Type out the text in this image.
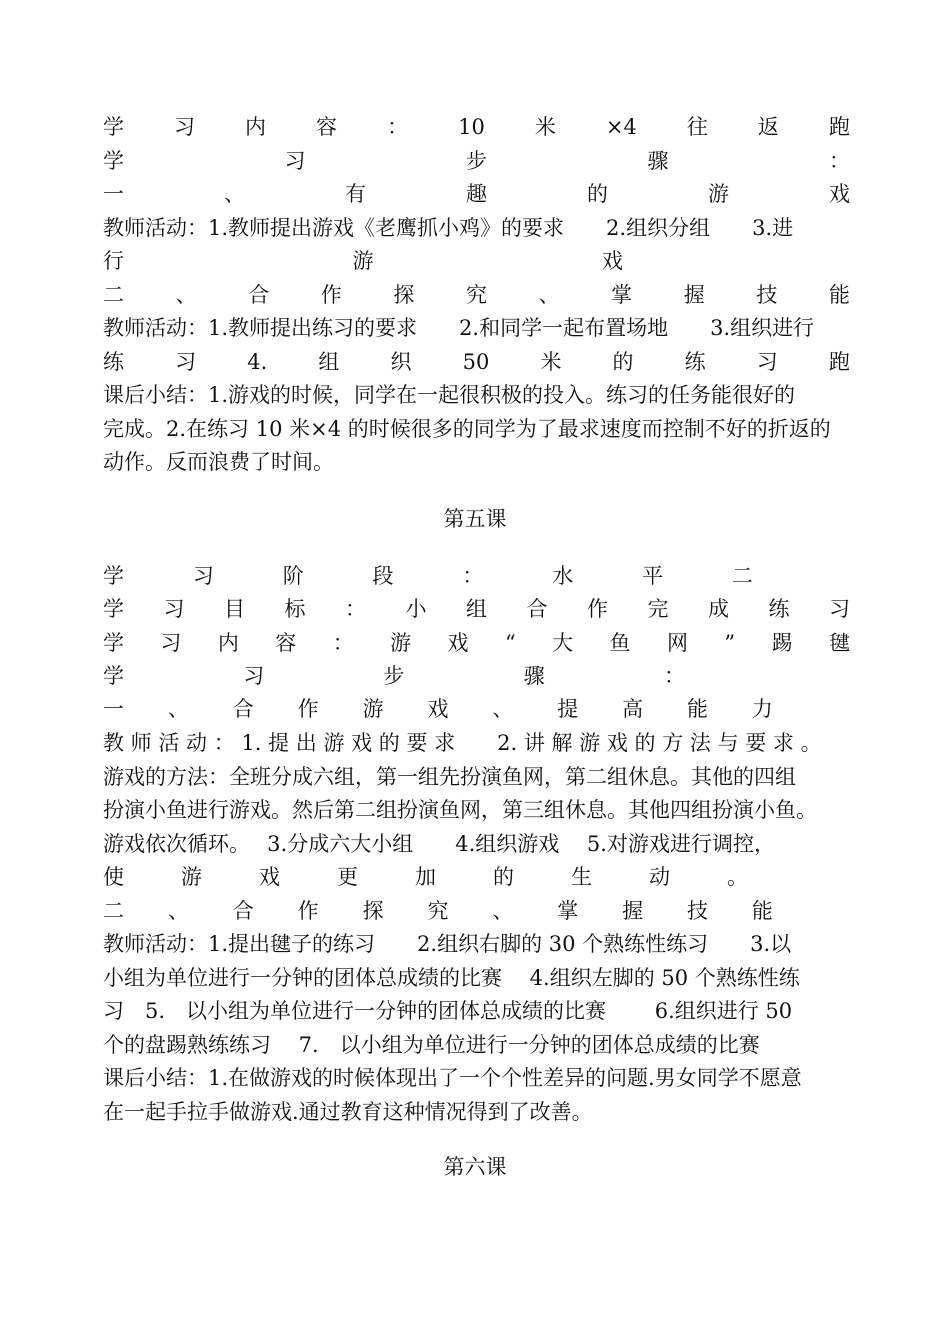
学 习 内 容 ： 10 米 ×4 往 返 跑
学	习	步	骤	：
一	、	有	趣	的	游	戏
教师活动：1.教师提出游戏《老鹰抓小鸡》的要求　　2.组织分组　　3.进
行	游	戏
二 、 合 作 探 究 、 掌 握 技 能
教师活动：1.教师提出练习的要求　　2.和同学一起布置场地　　3.组织进行
练 习 4. 组 织 50 米 的 练 习 跑
课后小结：1.游戏的时候，同学在一起很积极的投入。练习的任务能很好的
完成。2.在练习 10 米×4 的时候很多的同学为了最求速度而控制不好的折返的
动作。反而浪费了时间。
第五课
学	习	阶	段	：	水	平	二
学 习 目 标 ： 小 组 合 作 完 成 练 习
学 习 内 容 ： 游 戏 “ 大 鱼 网 ” 踢 毽
学	习	步	骤	：
一 、 合 作 游 戏 、 提 高 能 力
教 师 活 动 ： 1. 提 出 游 戏 的 要 求　　2. 讲 解 游 戏 的 方 法 与 要 求 。
游戏的方法：全班分成六组，第一组先扮演鱼网，第二组休息。其他的四组
扮演小鱼进行游戏。然后第二组扮演鱼网，第三组休息。其他四组扮演小鱼。
游戏依次循环。　 3.分成六大小组　　4.组织游戏　 5.对游戏进行调控，
使	游	戏	更	加	的	生	动	。
二 、 合 作 探 究 、 掌 握 技 能
教师活动：1.提出毽子的练习　　2.组织右脚的 30 个熟练性练习　　3.以
小组为单位进行一分钟的团体总成绩的比赛　 4.组织左脚的 50 个熟练性练
习　5.　以小组为单位进行一分钟的团体总成绩的比赛　　 6.组织进行 50
个的盘踢熟练练习　 7.　以小组为单位进行一分钟的团体总成绩的比赛
课后小结：1.在做游戏的时候体现出了一个个性差异的问题.男女同学不愿意
在一起手拉手做游戏.通过教育这种情况得到了改善。
第六课
